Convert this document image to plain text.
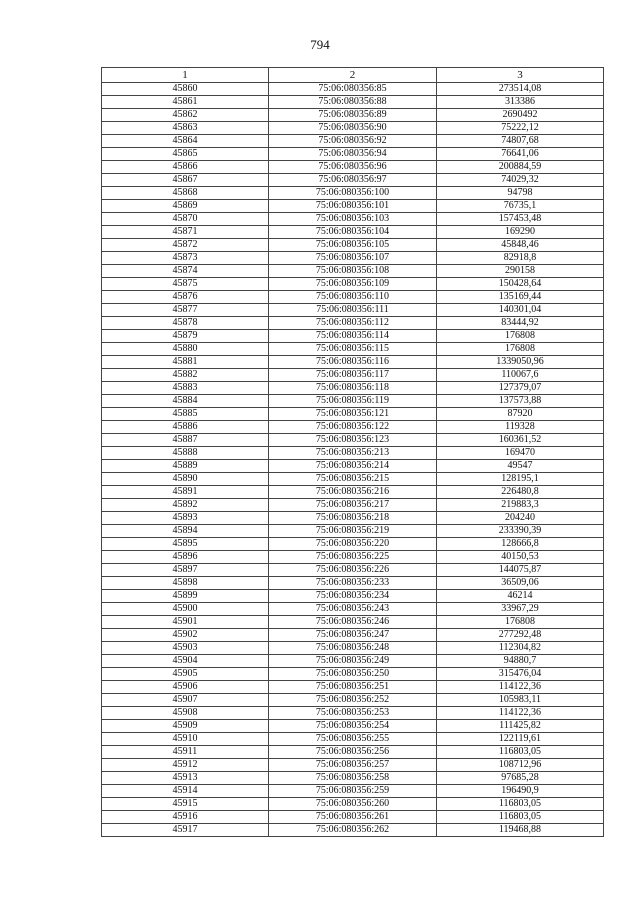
794
1	2	3
45860	75:06:080356:85	273514,08
45861	75:06:080356:88	313386
45862	75:06:080356:89	2690492
45863	75:06:080356:90	75222,12
45864	75:06:080356:92	74807,68
45865	75:06:080356:94	76641,06
45866	75:06:080356:96	200884,59
45867	75:06:080356:97	74029,32
45868	75:06:080356:100	94798
45869	75:06:080356:101	76735,1
45870	75:06:080356:103	157453,48
45871	75:06:080356:104	169290
45872	75:06:080356:105	45848,46
45873	75:06:080356:107	82918,8
45874	75:06:080356:108	290158
45875	75:06:080356:109	150428,64
45876	75:06:080356:110	135169,44
45877	75:06:080356:111	140301,04
45878	75:06:080356:112	83444,92
45879	75:06:080356:114	176808
45880	75:06:080356:115	176808
45881	75:06:080356:116	1339050,96
45882	75:06:080356:117	110067,6
45883	75:06:080356:118	127379,07
45884	75:06:080356:119	137573,88
45885	75:06:080356:121	87920
45886	75:06:080356:122	119328
45887	75:06:080356:123	160361,52
45888	75:06:080356:213	169470
45889	75:06:080356:214	49547
45890	75:06:080356:215	128195,1
45891	75:06:080356:216	226480,8
45892	75:06:080356:217	219883,3
45893	75:06:080356:218	204240
45894	75:06:080356:219	233390,39
45895	75:06:080356:220	128666,8
45896	75:06:080356:225	40150,53
45897	75:06:080356:226	144075,87
45898	75:06:080356:233	36509,06
45899	75:06:080356:234	46214
45900	75:06:080356:243	33967,29
45901	75:06:080356:246	176808
45902	75:06:080356:247	277292,48
45903	75:06:080356:248	112304,82
45904	75:06:080356:249	94880,7
45905	75:06:080356:250	315476,04
45906	75:06:080356:251	114122,36
45907	75:06:080356:252	105983,11
45908	75:06:080356:253	114122,36
45909	75:06:080356:254	111425,82
45910	75:06:080356:255	122119,61
45911	75:06:080356:256	116803,05
45912	75:06:080356:257	108712,96
45913	75:06:080356:258	97685,28
45914	75:06:080356:259	196490,9
45915	75:06:080356:260	116803,05
45916	75:06:080356:261	116803,05
45917	75:06:080356:262	119468,88
